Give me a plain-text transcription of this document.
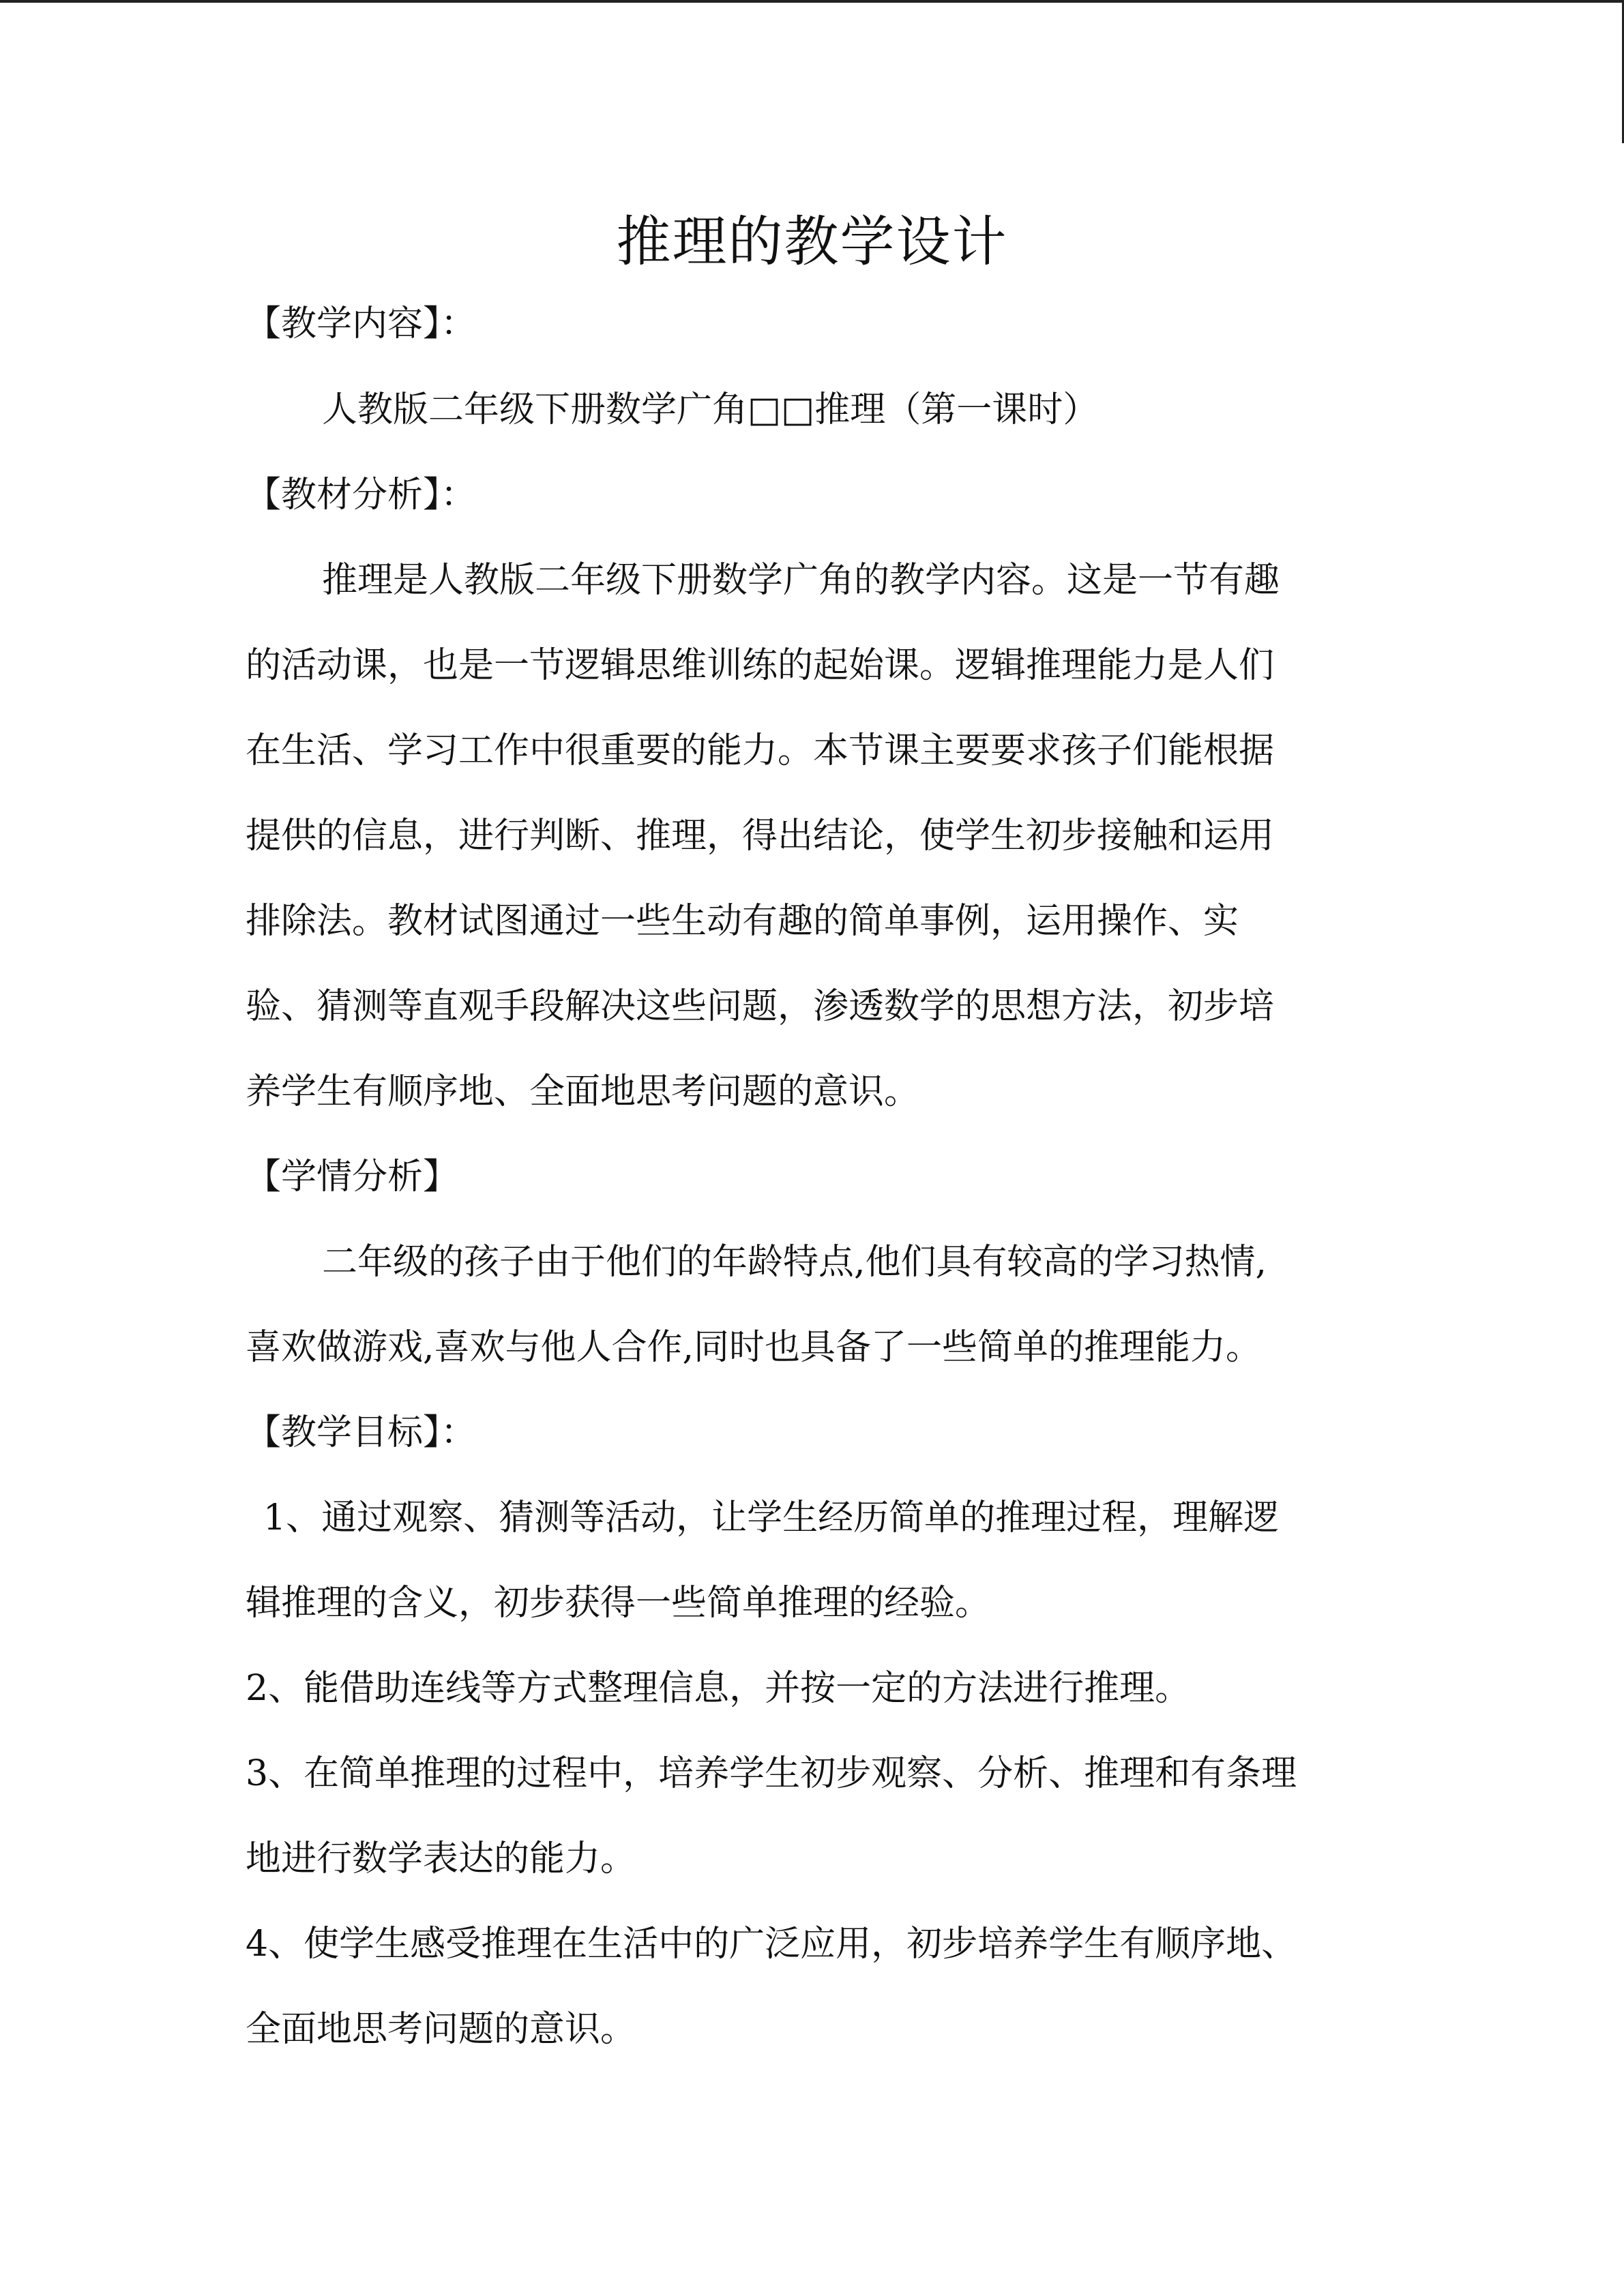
推理的教学设计
【教学内容】：
人教版二年级下册数学广角□□推理（第一课时）
【教材分析】：
推理是人教版二年级下册数学广角的教学内容。这是一节有趣
的活动课，也是一节逻辑思维训练的起始课。逻辑推理能力是人们
在生活、学习工作中很重要的能力。本节课主要要求孩子们能根据
提供的信息，进行判断、推理，得出结论，使学生初步接触和运用
排除法。教材试图通过一些生动有趣的简单事例，运用操作、实
验、猜测等直观手段解决这些问题，渗透数学的思想方法，初步培
养学生有顺序地、全面地思考问题的意识。
【学情分析】
二年级的孩子由于他们的年龄特点,他们具有较高的学习热情,
喜欢做游戏,喜欢与他人合作,同时也具备了一些简单的推理能力。
【教学目标】：
1、通过观察、猜测等活动，让学生经历简单的推理过程，理解逻
辑推理的含义，初步获得一些简单推理的经验。
2、能借助连线等方式整理信息，并按一定的方法进行推理。
3、在简单推理的过程中，培养学生初步观察、分析、推理和有条理
地进行数学表达的能力。
4、使学生感受推理在生活中的广泛应用，初步培养学生有顺序地、
全面地思考问题的意识。
